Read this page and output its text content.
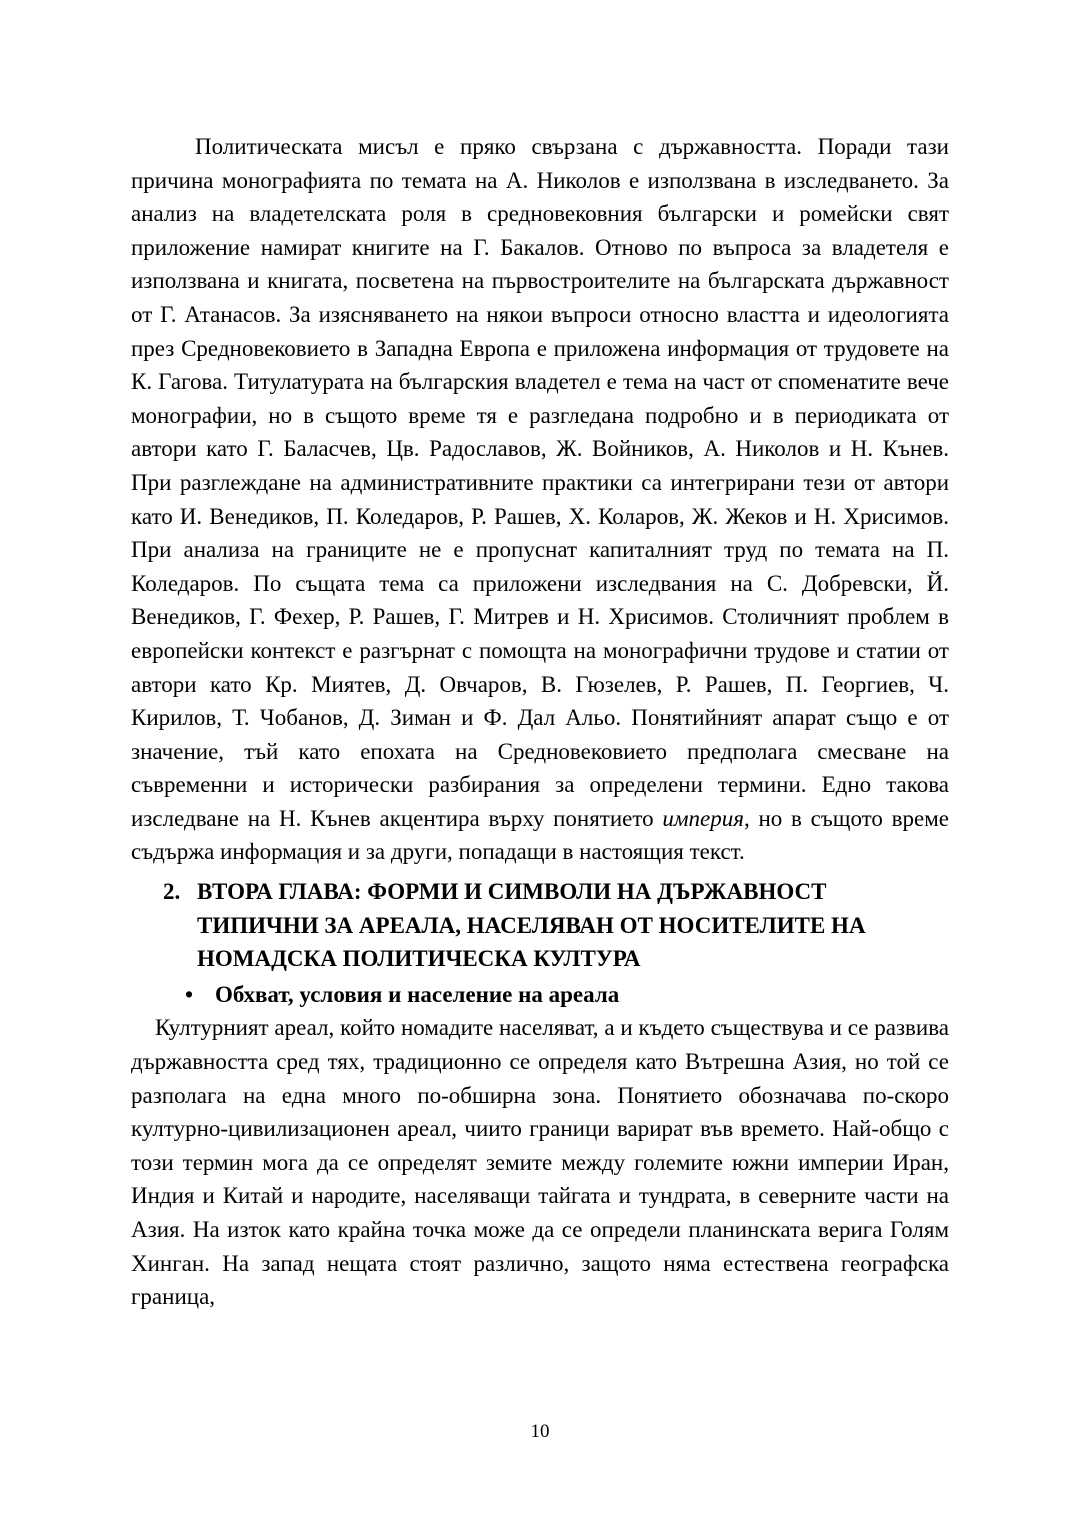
Политическата мисъл е пряко свързана с държавността. Поради тази причина монографията по темата на А. Николов е използвана в изследването. За анализ на владетелската роля в средновековния български и ромейски свят приложение намират книгите на Г. Бакалов. Отново по въпроса за владетеля е използвана и книгата, посветена на първостроителите на българската държавност от Г. Атанасов. За изясняването на някои въпроси относно властта и идеологията през Средновековието в Западна Европа е приложена информация от трудовете на К. Гагова. Титулатурата на българския владетел е тема на част от споменатите вече монографии, но в същото време тя е разгледана подробно и в периодиката от автори като Г. Баласчев, Цв. Радославов, Ж. Войников, А. Николов и Н. Кънев. При разглеждане на административните практики са интегрирани тези от автори като И. Венедиков, П. Коледаров, Р. Рашев, Х. Коларов, Ж. Жеков и Н. Хрисимов. При анализа на границите не е пропуснат капиталният труд по темата на П. Коледаров. По същата тема са приложени изследвания на С. Добревски, Й. Венедиков, Г. Фехер, Р. Рашев, Г. Митрев и Н. Хрисимов. Столичният проблем в европейски контекст е разгърнат с помощта на монографични трудове и статии от автори като Кр. Миятев, Д. Овчаров, В. Гюзелев, Р. Рашев, П. Георгиев, Ч. Кирилов, Т. Чобанов, Д. Зиман и Ф. Дал Альо. Понятийният апарат също е от значение, тъй като епохата на Средновековието предполага смесване на съвременни и исторически разбирания за определени термини. Едно такова изследване на Н. Кънев акцентира върху понятието империя, но в същото време съдържа информация и за други, попадащи в настоящия текст.

2. ВТОРА ГЛАВА: ФОРМИ И СИМВОЛИ НА ДЪРЖАВНОСТ ТИПИЧНИ ЗА АРЕАЛА, НАСЕЛЯВАН ОТ НОСИТЕЛИТЕ НА НОМАДСКА ПОЛИТИЧЕСКА КУЛТУРА
• Обхват, условия и население на ареала

Културният ареал, който номадите населяват, а и където съществува и се развива държавността сред тях, традиционно се определя като Вътрешна Азия, но той се разполага на една много по-обширна зона. Понятието обозначава по-скоро културно-цивилизационен ареал, чиито граници варират във времето. Най-общо с този термин мога да се определят земите между големите южни империи Иран, Индия и Китай и народите, населяващи тайгата и тундрата, в северните части на Азия. На изток като крайна точка може да се определи планинската верига Голям Хинган. На запад нещата стоят различно, защото няма естествена географска граница,

10
